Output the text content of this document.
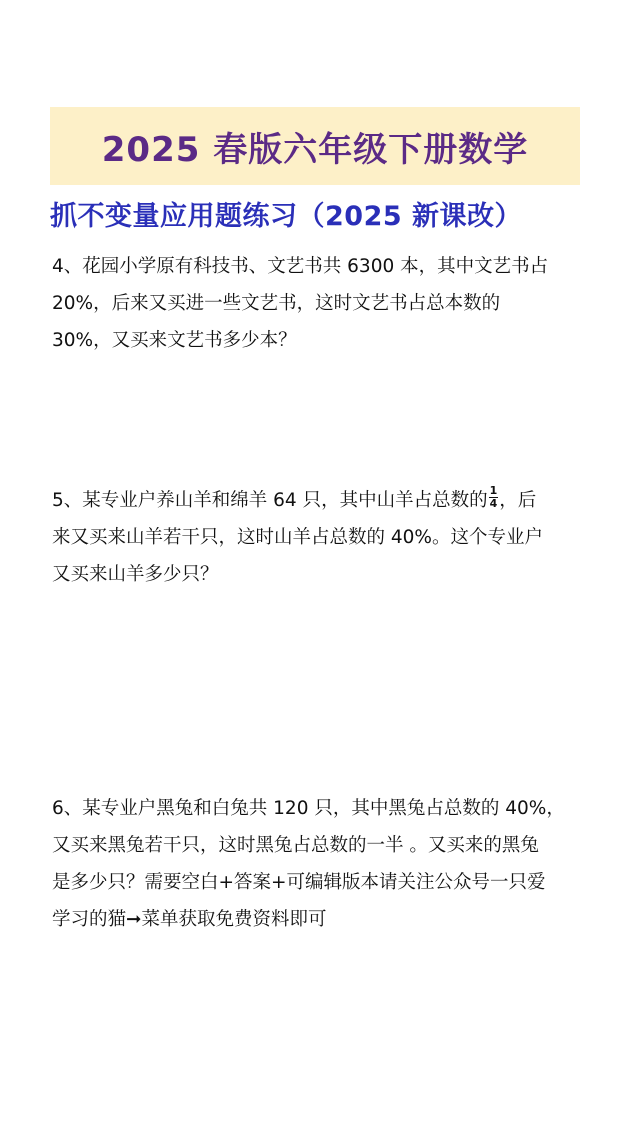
2025 春版六年级下册数学
抓不变量应用题练习（2025 新课改）
4、花园小学原有科技书、文艺书共 6300 本，其中文艺书占
20%，后来又买进一些文艺书，这时文艺书占总本数的
30%，又买来文艺书多少本？
5、某专业户养山羊和绵羊 64 只，其中山羊占总数的 $\frac{1}{4}$ ，后
来又买来山羊若干只，这时山羊占总数的 40%。这个专业户
又买来山羊多少只？
6、某专业户黑兔和白兔共 120 只，其中黑兔占总数的 40%，
又买来黑兔若干只，这时黑兔占总数的一半 。又买来的黑兔
是多少只？需要空白+答案+可编辑版本请关注公众号一只爱
学习的猫➞菜单获取免费资料即可
